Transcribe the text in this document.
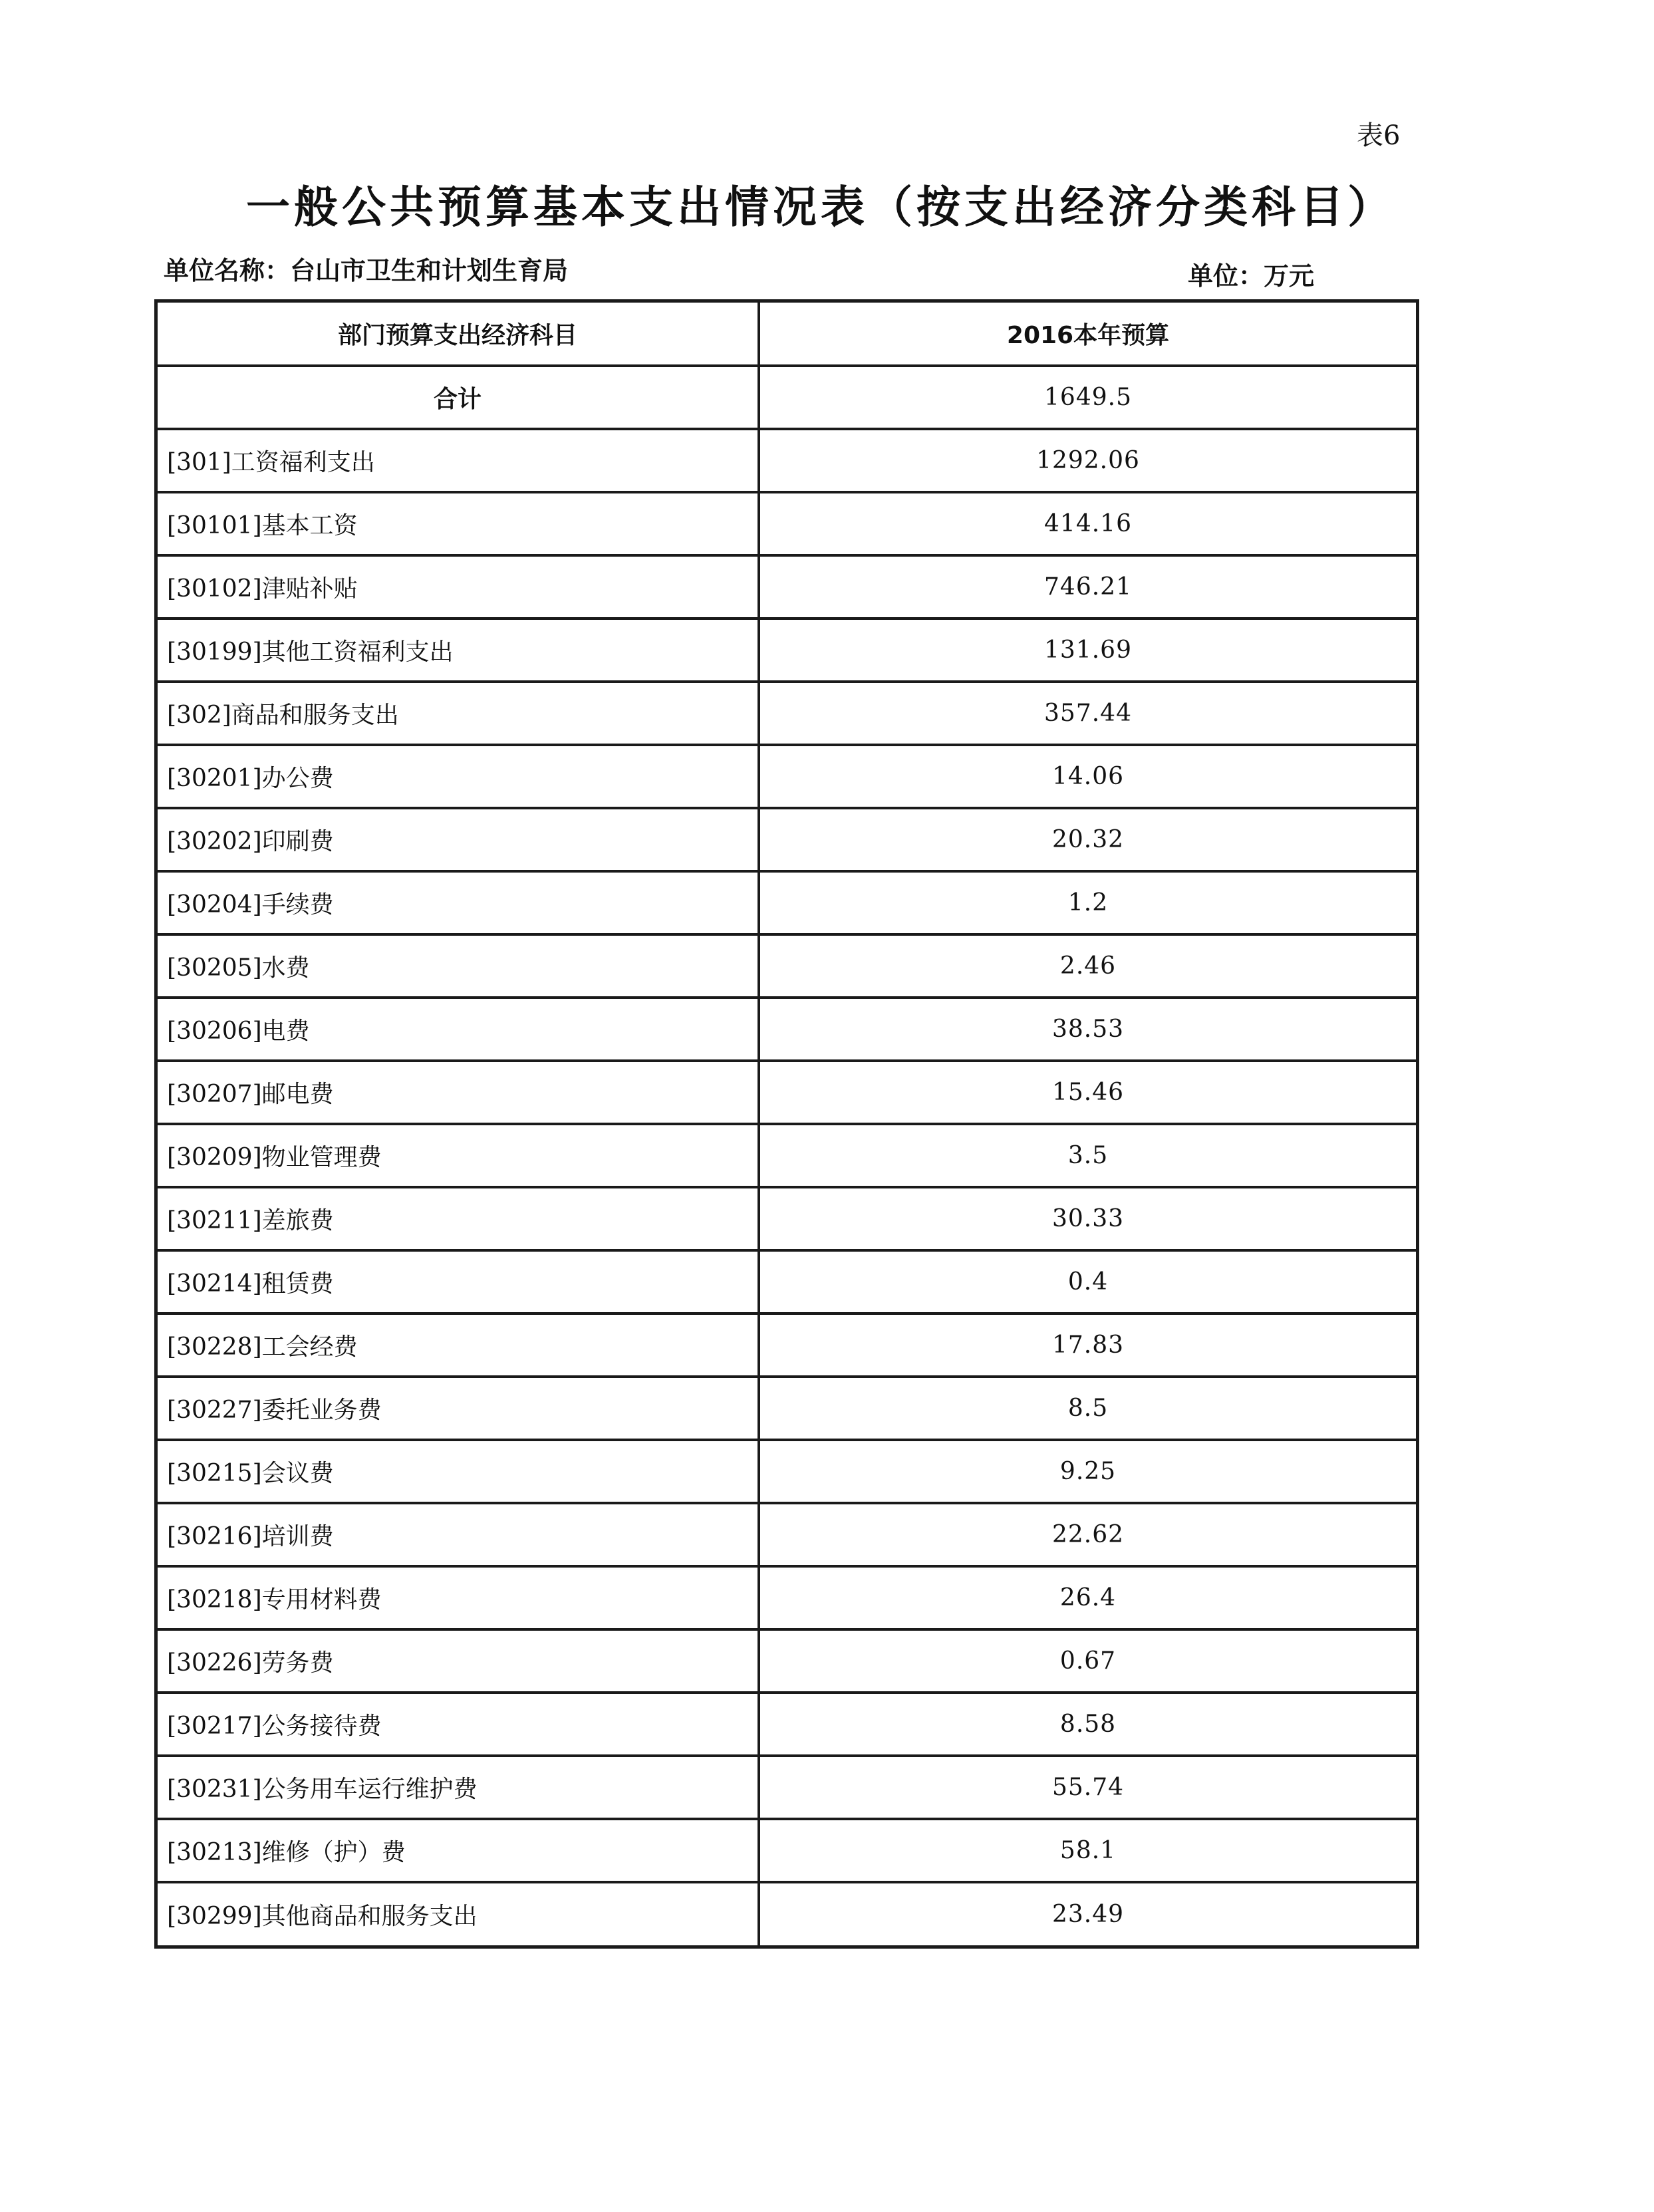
表6
一般公共预算基本支出情况表（按支出经济分类科目）
单位名称：台山市卫生和计划生育局	单位：万元
部门预算支出经济科目	2016本年预算
合计	1649.5
[301]工资福利支出	1292.06
[30101]基本工资	414.16
[30102]津贴补贴	746.21
[30199]其他工资福利支出	131.69
[302]商品和服务支出	357.44
[30201]办公费	14.06
[30202]印刷费	20.32
[30204]手续费	1.2
[30205]水费	2.46
[30206]电费	38.53
[30207]邮电费	15.46
[30209]物业管理费	3.5
[30211]差旅费	30.33
[30214]租赁费	0.4
[30228]工会经费	17.83
[30227]委托业务费	8.5
[30215]会议费	9.25
[30216]培训费	22.62
[30218]专用材料费	26.4
[30226]劳务费	0.67
[30217]公务接待费	8.58
[30231]公务用车运行维护费	55.74
[30213]维修（护）费	58.1
[30299]其他商品和服务支出	23.49
